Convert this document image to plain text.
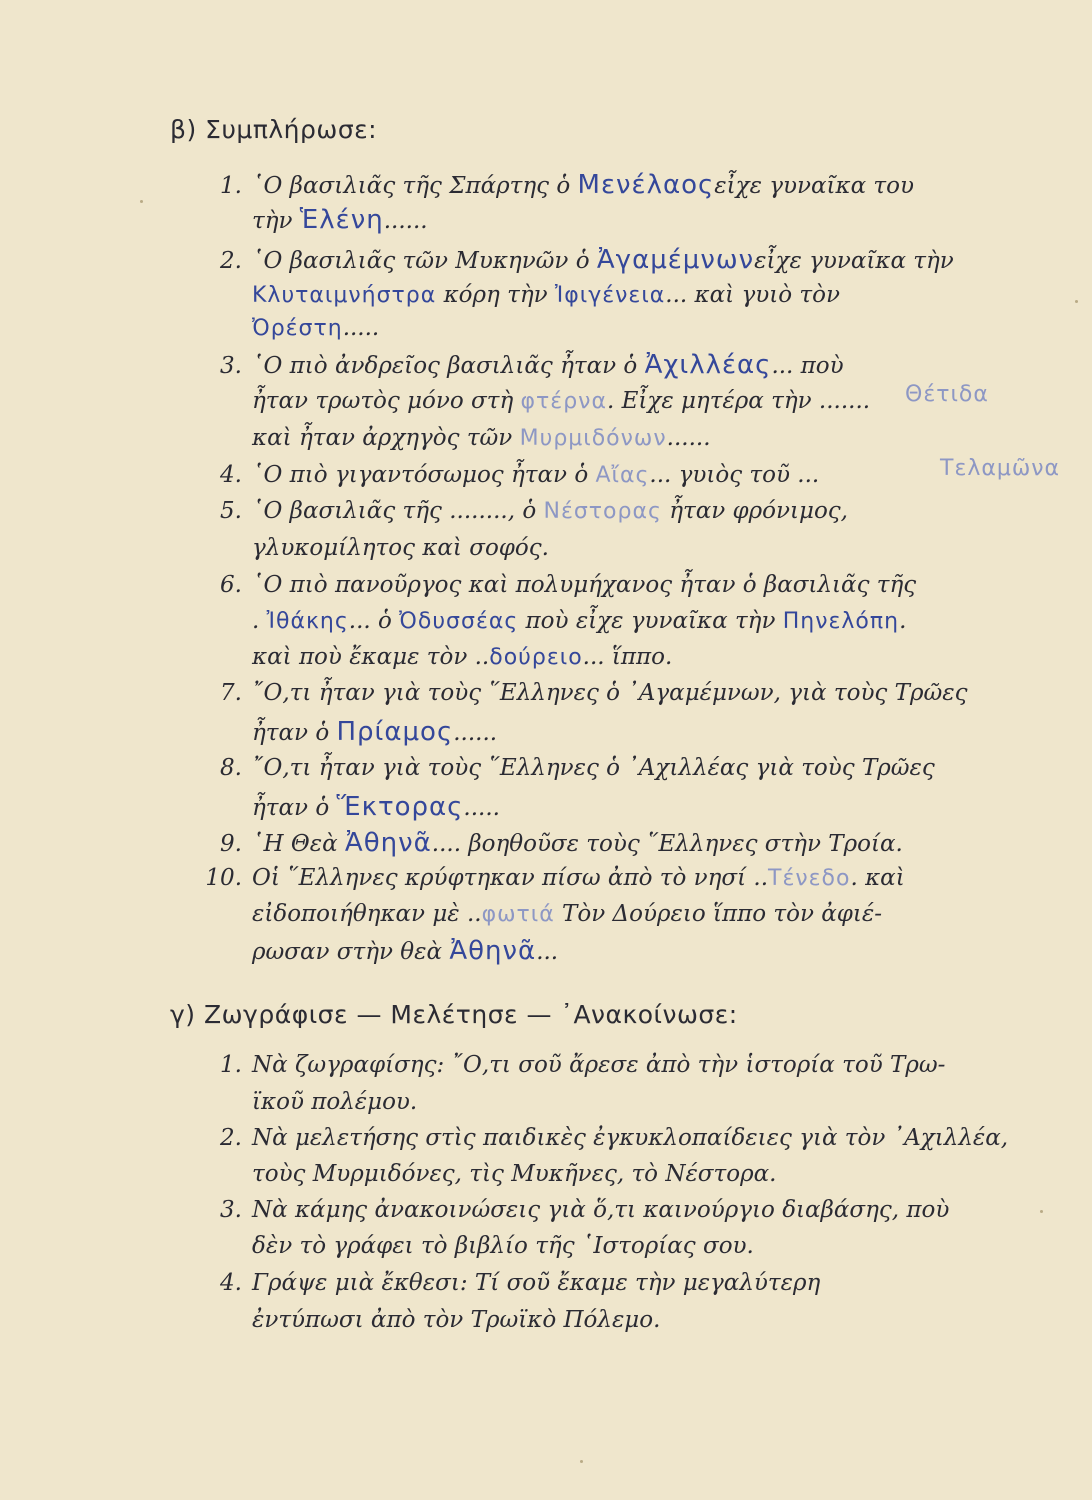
β) Συμπλήρωσε:
1. ῾Ο βασιλιᾶς τῆς Σπάρτης ὁ Μενέλαοςεἶχε γυναῖκα του
τὴν Ἑλένη......
2. ῾Ο βασιλιᾶς τῶν Μυκηνῶν ὁ Ἀγαμέμνωνεἶχε γυναῖκα τὴν
Κλυταιμνήστρα κόρη τὴν Ἰφιγένεια... καὶ γυιὸ τὸν
Ὀρέστη.....
3. ῾Ο πιὸ ἀνδρεῖος βασιλιᾶς ἦταν ὁ Ἀχιλλέας... ποὺ
ἦταν τρωτὸς μόνο στὴ φτέρνα. Εἶχε μητέρα τὴν .......
καὶ ἦταν ἀρχηγὸς τῶν Μυρμιδόνων......
4. ῾Ο πιὸ γιγαντόσωμος ἦταν ὁ Αἴας... γυιὸς τοῦ ...
5. ῾Ο βασιλιᾶς τῆς ........, ὁ Νέστορας ἦταν φρόνιμος,
γλυκομίλητος καὶ σοφός.
6. ῾Ο πιὸ πανοῦργος καὶ πολυμήχανος ἦταν ὁ βασιλιᾶς τῆς
. Ἰθάκης... ὁ Ὀδυσσέας ποὺ εἶχε γυναῖκα τὴν Πηνελόπη.
καὶ ποὺ ἔκαμε τὸν ..δούρειο... ἵππο.
7. ῎Ο,τι ἦταν γιὰ τοὺς ῞Ελληνες ὁ ᾿Αγαμέμνων, γιὰ τοὺς Τρῶες
ἦταν ὁ Πρίαμος......
8. ῎Ο,τι ἦταν γιὰ τοὺς ῞Ελληνες ὁ ᾿Αχιλλέας γιὰ τοὺς Τρῶες
ἦταν ὁ Ἕκτορας.....
9. ῾Η Θεὰ Ἀθηνᾶ.... βοηθοῦσε τοὺς ῞Ελληνες στὴν Τροία.
10. Οἱ ῞Ελληνες κρύφτηκαν πίσω ἀπὸ τὸ νησί ..Τένεδο. καὶ
εἰδοποιήθηκαν μὲ ..φωτιά Τὸν Δούρειο ἵππο τὸν ἀφιέ-
ρωσαν στὴν θεὰ Ἀθηνᾶ...
Θέτιδα
Τελαμῶνα
γ) Ζωγράφισε — Μελέτησε — ᾿Ανακοίνωσε:
1. Νὰ ζωγραφίσης: ῎Ο,τι σοῦ ἄρεσε ἀπὸ τὴν ἱστορία τοῦ Τρω-
ϊκοῦ πολέμου.
2. Νὰ μελετήσης στὶς παιδικὲς ἐγκυκλοπαίδειες γιὰ τὸν ᾿Αχιλλέα,
τοὺς Μυρμιδόνες, τὶς Μυκῆνες, τὸ Νέστορα.
3. Νὰ κάμης ἀνακοινώσεις γιὰ ὅ,τι καινούργιο διαβάσης, ποὺ
δὲν τὸ γράφει τὸ βιβλίο τῆς ῾Ιστορίας σου.
4. Γράψε μιὰ ἔκθεσι: Τί σοῦ ἔκαμε τὴν μεγαλύτερη
ἐντύπωσι ἀπὸ τὸν Τρωϊκὸ Πόλεμο.
